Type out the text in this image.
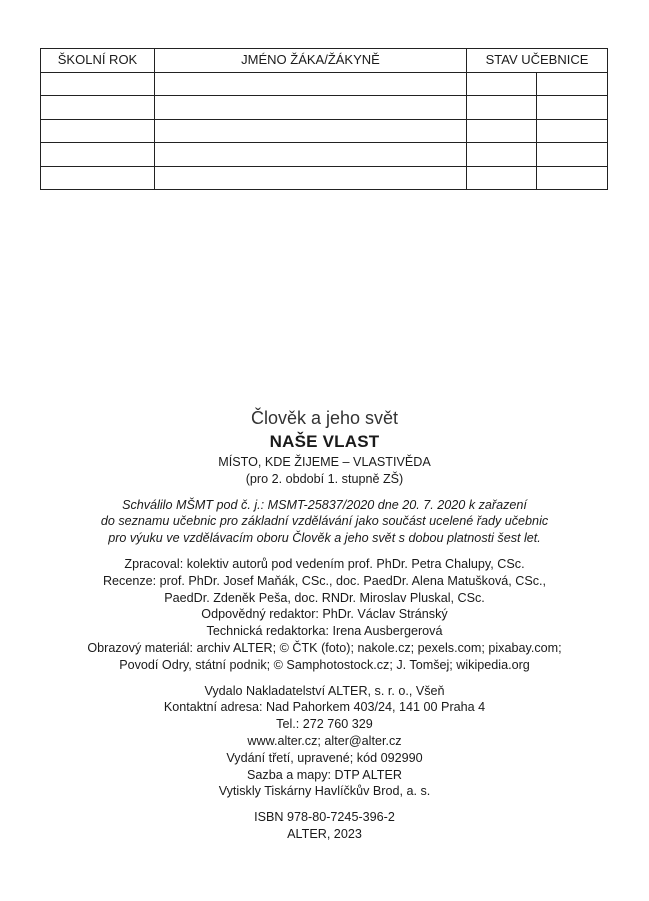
ŠKOLNÍ ROK	JMÉNO ŽÁKA/ŽÁKYNĚ	STAV UČEBNICE	

Člověk a jeho svět

NAŠE VLAST

MÍSTO, KDE ŽIJEME – VLASTIVĚDA

(pro 2. období 1. stupně ZŠ)

Schválilo MŠMT pod č. j.: MSMT-25837/2020 dne 20. 7. 2020 k zařazení

do seznamu učebnic pro základní vzdělávání jako součást ucelené řady učebnic

pro výuku ve vzdělávacím oboru Člověk a jeho svět s dobou platnosti šest let.

Zpracoval: kolektiv autorů pod vedením prof. PhDr. Petra Chalupy, CSc.

Recenze: prof. PhDr. Josef Maňák, CSc., doc. PaedDr. Alena Matušková, CSc.,

PaedDr. Zdeněk Peša, doc. RNDr. Miroslav Pluskal, CSc.

Odpovědný redaktor: PhDr. Václav Stránský

Technická redaktorka: Irena Ausbergerová

Obrazový materiál: archiv ALTER; © ČTK (foto); nakole.cz; pexels.com; pixabay.com;

Povodí Odry, státní podnik; © Samphotostock.cz; J. Tomšej; wikipedia.org

Vydalo Nakladatelství ALTER, s. r. o., Všeň

Kontaktní adresa: Nad Pahorkem 403/24, 141 00 Praha 4

Tel.: 272 760 329

www.alter.cz; alter@alter.cz

Vydání třetí, upravené; kód 092990

Sazba a mapy: DTP ALTER

Vytiskly Tiskárny Havlíčkův Brod, a. s.

ISBN 978-80-7245-396-2

ALTER, 2023
